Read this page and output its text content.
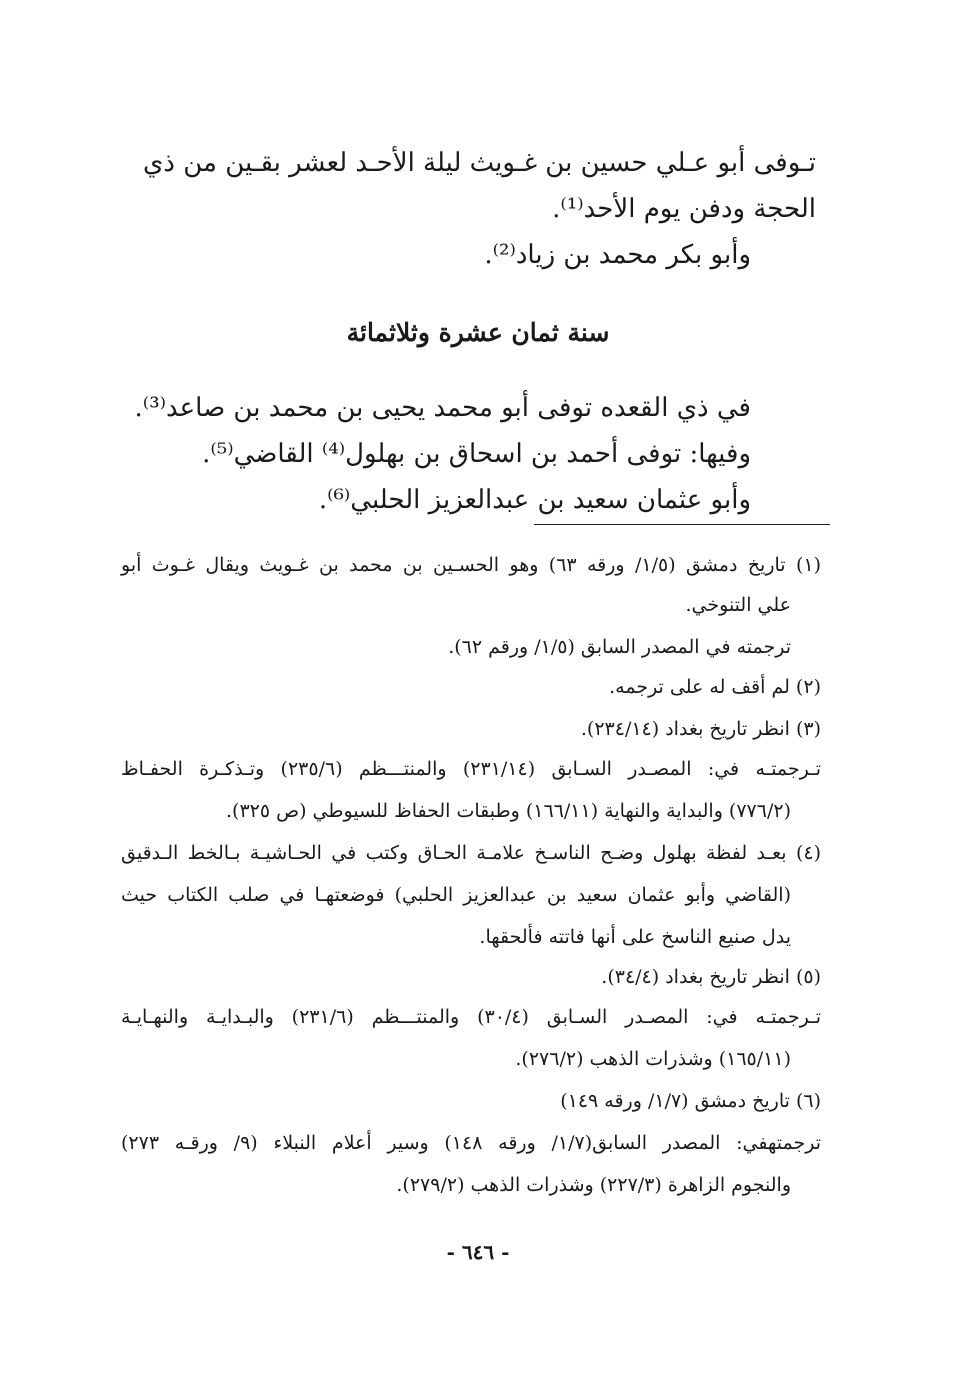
تـوفى أبو عـلي حسين بن غـويث ليلة الأحـد لعشر بقـين من ذي
الحجة ودفن يوم الأحد⁽¹⁾.
وأبو بكر محمد بن زياد⁽²⁾.
سنة ثمان عشرة وثلاثمائة
في ذي القعده توفى أبو محمد يحيى بن محمد بن صاعد⁽³⁾.
وفيها: توفى أحمد بن اسحاق بن بهلول⁽⁴⁾ القاضي⁽⁵⁾.
وأبو عثمان سعيد بن عبدالعزيز الحلبي⁽⁶⁾.
(١) تاريخ دمشق (١/٥/ ورقه ٦٣) وهو الحسـين بن محمد بن غـويث ويقال غـوث أبو
علي التنوخي.
ترجمته في المصدر السابق (١/٥/ ورقم ٦٢).
(٢) لم أقف له على ترجمه.
(٣) انظر تاريخ بغداد (٢٣٤/١٤).
تـرجمتـه في: المصـدر السـابق (٢٣١/١٤) والمنتـــظم (٢٣٥/٦) وتـذكـرة الحفـاظ
(٧٧٦/٢) والبداية والنهاية (١٦٦/١١) وطبقات الحفاظ للسيوطي (ص ٣٢٥).
(٤) بعـد لفظة بهلول وضـح الناسـخ علامـة الحـاق وكتب في الحـاشيـة بـالخط الـدقيق
(القاضي وأبو عثمان سعيد بن عبدالعزيز الحلبي) فوضعتهـا في صلب الكتاب حيث
يدل صنيع الناسخ على أنها فاتته فألحقها.
(٥) انظر تاريخ بغداد (٣٤/٤).
تـرجمتـه في: المصـدر السـابق (٣٠/٤) والمنتـــظم (٢٣١/٦) والبـدايـة والنهـايـة
(١٦٥/١١) وشذرات الذهب (٢٧٦/٢).
(٦) تاريخ دمشق (١/٧/ ورقه ١٤٩)
ترجمتهفي: المصدر السابق(١/٧/ ورقه ١٤٨) وسير أعلام النبلاء (٩/ ورقـه ٢٧٣)
والنجوم الزاهرة (٢٢٧/٣) وشذرات الذهب (٢٧٩/٢).
- ٦٤٦ -
